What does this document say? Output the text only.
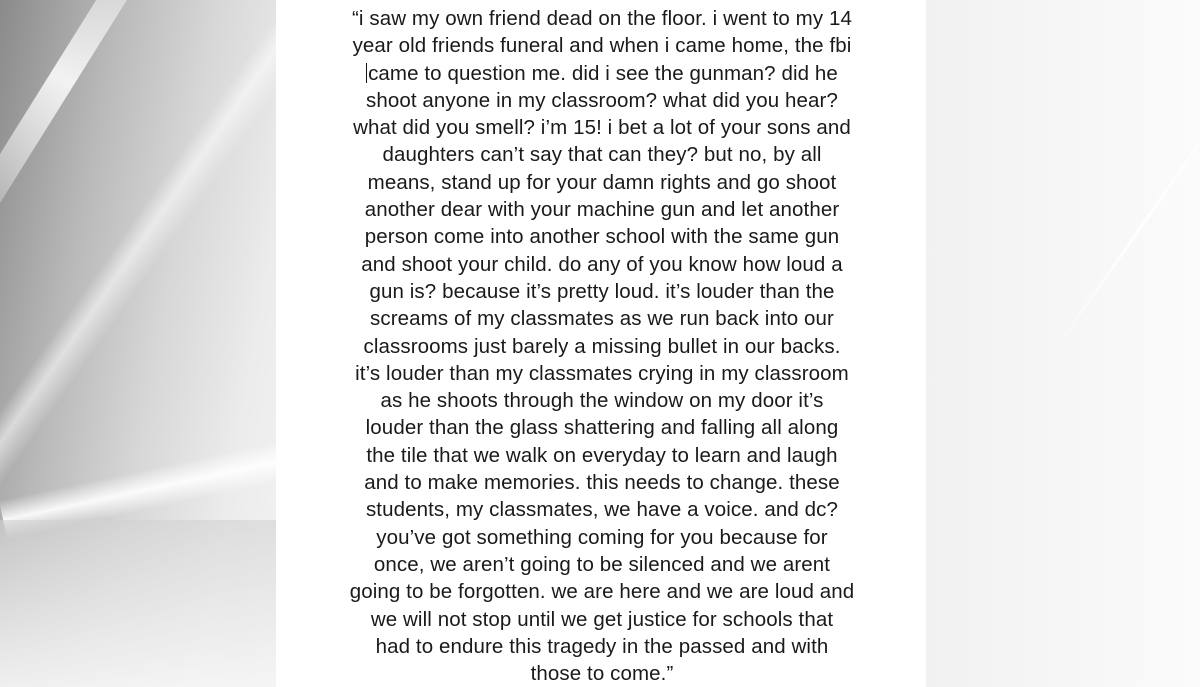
“i saw my own friend dead on the floor. i went to my 14
year old friends funeral and when i came home, the fbi
came to question me. did i see the gunman? did he
shoot anyone in my classroom? what did you hear?
what did you smell? i’m 15! i bet a lot of your sons and
daughters can’t say that can they? but no, by all
means, stand up for your damn rights and go shoot
another dear with your machine gun and let another
person come into another school with the same gun
and shoot your child. do any of you know how loud a
gun is? because it’s pretty loud. it’s louder than the
screams of my classmates as we run back into our
classrooms just barely a missing bullet in our backs.
it’s louder than my classmates crying in my classroom
as he shoots through the window on my door it’s
louder than the glass shattering and falling all along
the tile that we walk on everyday to learn and laugh
and to make memories. this needs to change. these
students, my classmates, we have a voice. and dc?
you’ve got something coming for you because for
once, we aren’t going to be silenced and we arent
going to be forgotten. we are here and we are loud and
we will not stop until we get justice for schools that
had to endure this tragedy in the passed and with
those to come.”
